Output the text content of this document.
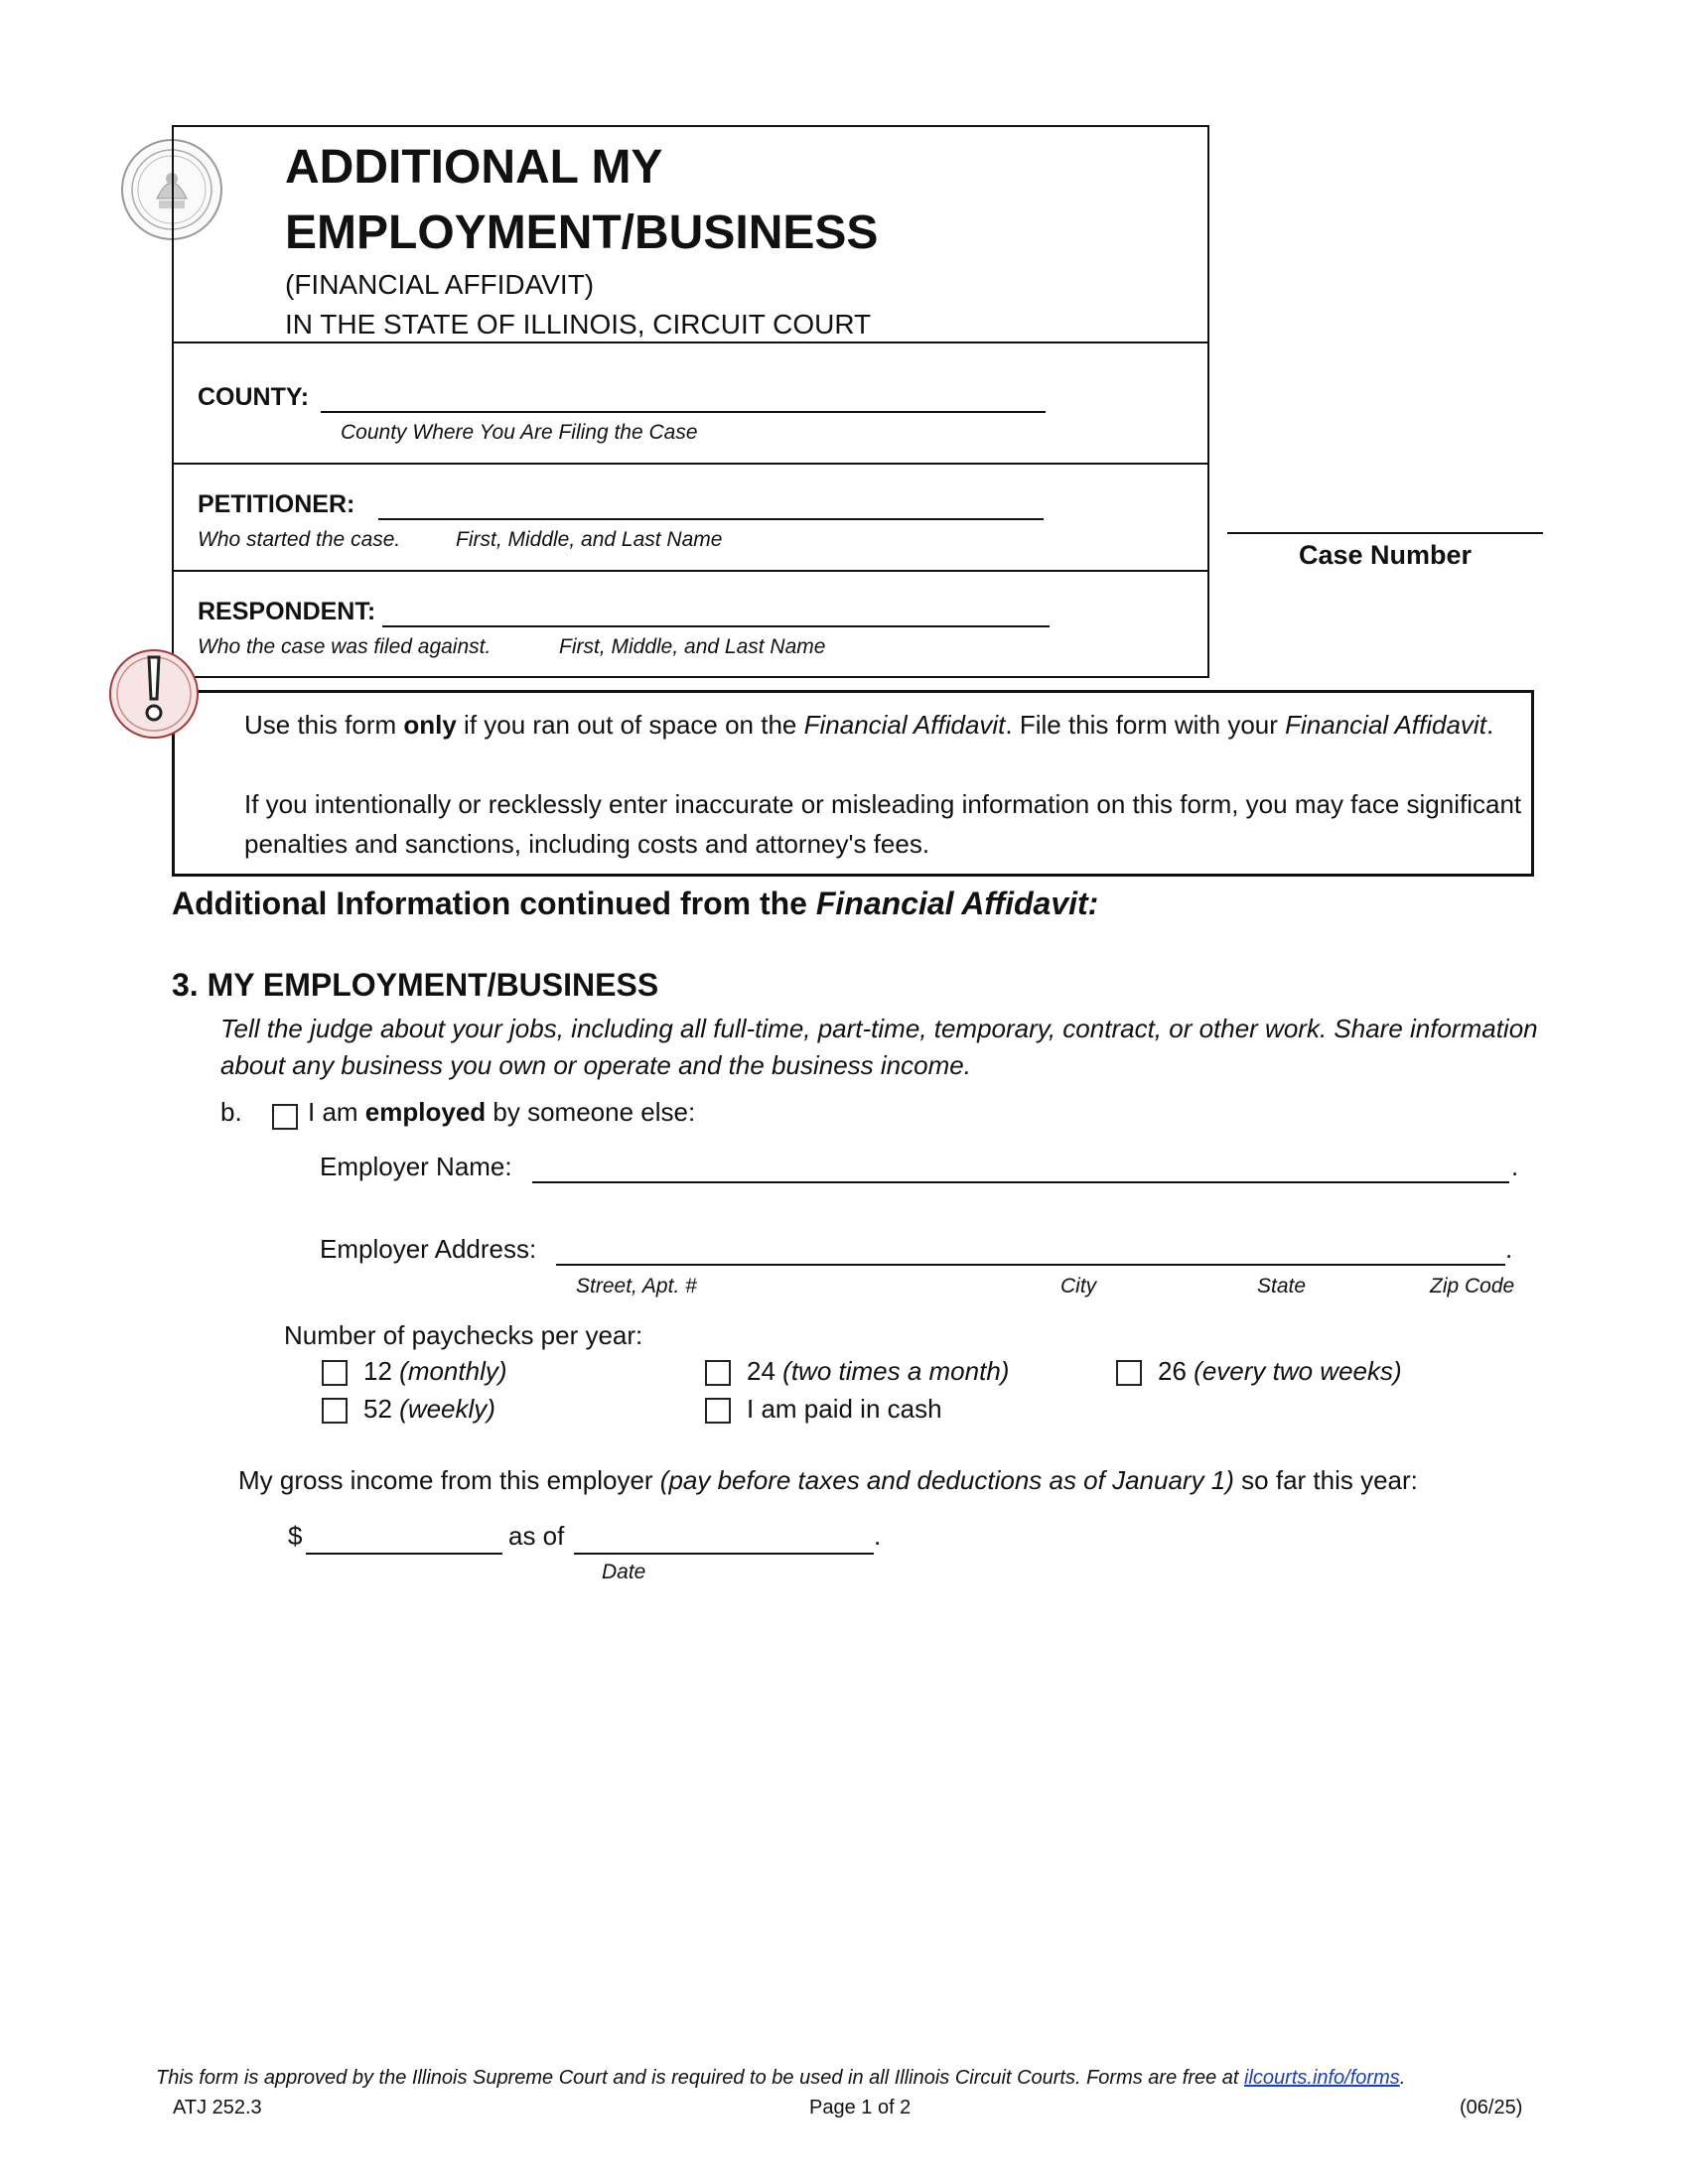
ADDITIONAL MY
EMPLOYMENT/BUSINESS
(FINANCIAL AFFIDAVIT)
IN THE STATE OF ILLINOIS, CIRCUIT COURT
COUNTY:
County Where You Are Filing the Case
PETITIONER:
Who started the case.	First, Middle, and Last Name
RESPONDENT:
Who the case was filed against.	First, Middle, and Last Name
Case Number
Use this form only if you ran out of space on the Financial Affidavit. File this form with your Financial Affidavit.
If you intentionally or recklessly enter inaccurate or misleading information on this form, you may face significant penalties and sanctions, including costs and attorney's fees.
Additional Information continued from the Financial Affidavit:
3. MY EMPLOYMENT/BUSINESS
Tell the judge about your jobs, including all full-time, part-time, temporary, contract, or other work. Share information about any business you own or operate and the business income.
b.	I am employed by someone else:
Employer Name:	.
Employer Address:	.
Street, Apt. #	City	State	Zip Code
Number of paychecks per year:
12 (monthly)	24 (two times a month)	26 (every two weeks)
52 (weekly)	I am paid in cash
My gross income from this employer (pay before taxes and deductions as of January 1) so far this year:
$	as of	.
Date
This form is approved by the Illinois Supreme Court and is required to be used in all Illinois Circuit Courts. Forms are free at ilcourts.info/forms.
ATJ 252.3	Page 1 of 2	(06/25)
